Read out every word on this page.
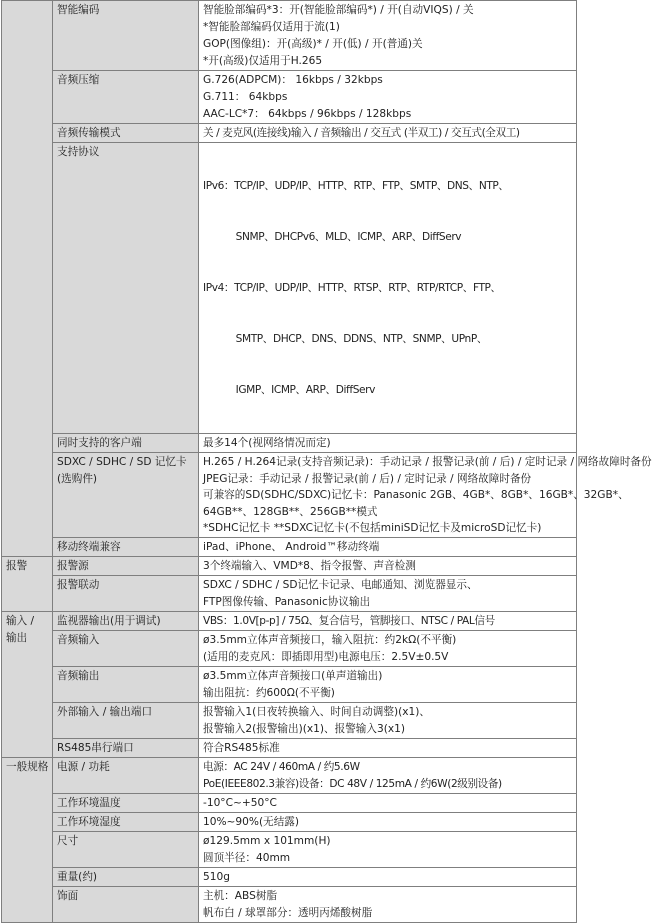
	智能编码	智能脸部编码*3：开(智能脸部编码*) / 开(自动VIQS) / 关
*智能脸部编码仅适用于流(1)
GOP(图像组)：开(高级)* / 开(低) / 开(普通)关
*开(高级)仅适用于H.265

	音频压缩	G.726(ADPCM)： 16kbps / 32kbps
G.711： 64kbps
AAC-LC*7： 64kbps / 96kbps / 128kbps

	音频传输模式	关 / 麦克风(连接线)输入 / 音频输出 / 交互式 (半双工) / 交互式(全双工)

	支持协议	IPv6：TCP/IP、UDP/IP、HTTP、RTP、FTP、SMTP、DNS、NTP、

SNMP、DHCPv6、MLD、ICMP、ARP、DiffServ

IPv4：TCP/IP、UDP/IP、HTTP、RTSP、RTP、RTP/RTCP、FTP、

SMTP、DHCP、DNS、DDNS、NTP、SNMP、UPnP、

IGMP、ICMP、ARP、DiffServ

	同时支持的客户端	最多14个(视网络情况而定)

	SDXC / SDHC / SD 记忆卡(选购件)	H.265 / H.264记录(支持音频记录)：手动记录 / 报警记录(前 / 后) / 定时记录 / 网络故障时备份
JPEG记录：手动记录 / 报警记录(前 / 后) / 定时记录 / 网络故障时备份
可兼容的SD(SDHC/SDXC)记忆卡：Panasonic 2GB、4GB*、8GB*、16GB*、32GB*、
64GB**、128GB**、256GB**模式
*SDHC记忆卡 **SDXC记忆卡(不包括miniSD记忆卡及microSD记忆卡)

	移动终端兼容	iPad、iPhone、 Android™移动终端

报警	报警源	3个终端输入、VMD*8、指令报警、声音检测

	报警联动	SDXC / SDHC / SD记忆卡记录、电邮通知、浏览器显示、
FTP图像传输、Panasonic协议输出

输入 / 输出	监视器输出(用于调试)	VBS：1.0V[p-p] / 75Ω、复合信号，管脚接口、NTSC / PAL信号

	音频输入	ø3.5mm立体声音频接口，输入阻抗：约2kΩ(不平衡)
(适用的麦克风：即插即用型)电源电压：2.5V±0.5V

	音频输出	ø3.5mm立体声音频接口(单声道输出)
输出阻抗：约600Ω(不平衡)

	外部输入 / 输出端口	报警输入1(日夜转换输入、时间自动调整)(x1)、
报警输入2(报警输出)(x1)、报警输入3(x1)

	RS485串行端口	符合RS485标准

一般规格	电源 / 功耗	电源：AC 24V / 460mA / 约5.6W
PoE(IEEE802.3兼容)设备：DC 48V / 125mA / 约6W(2级别设备)

	工作环境温度	-10°C~+50°C

	工作环境湿度	10%~90%(无结露)

	尺寸	ø129.5mm x 101mm(H)
圆顶半径：40mm

	重量(约)	510g

	饰面	主机：ABS树脂
帆布白 / 球罩部分：透明丙烯酸树脂
